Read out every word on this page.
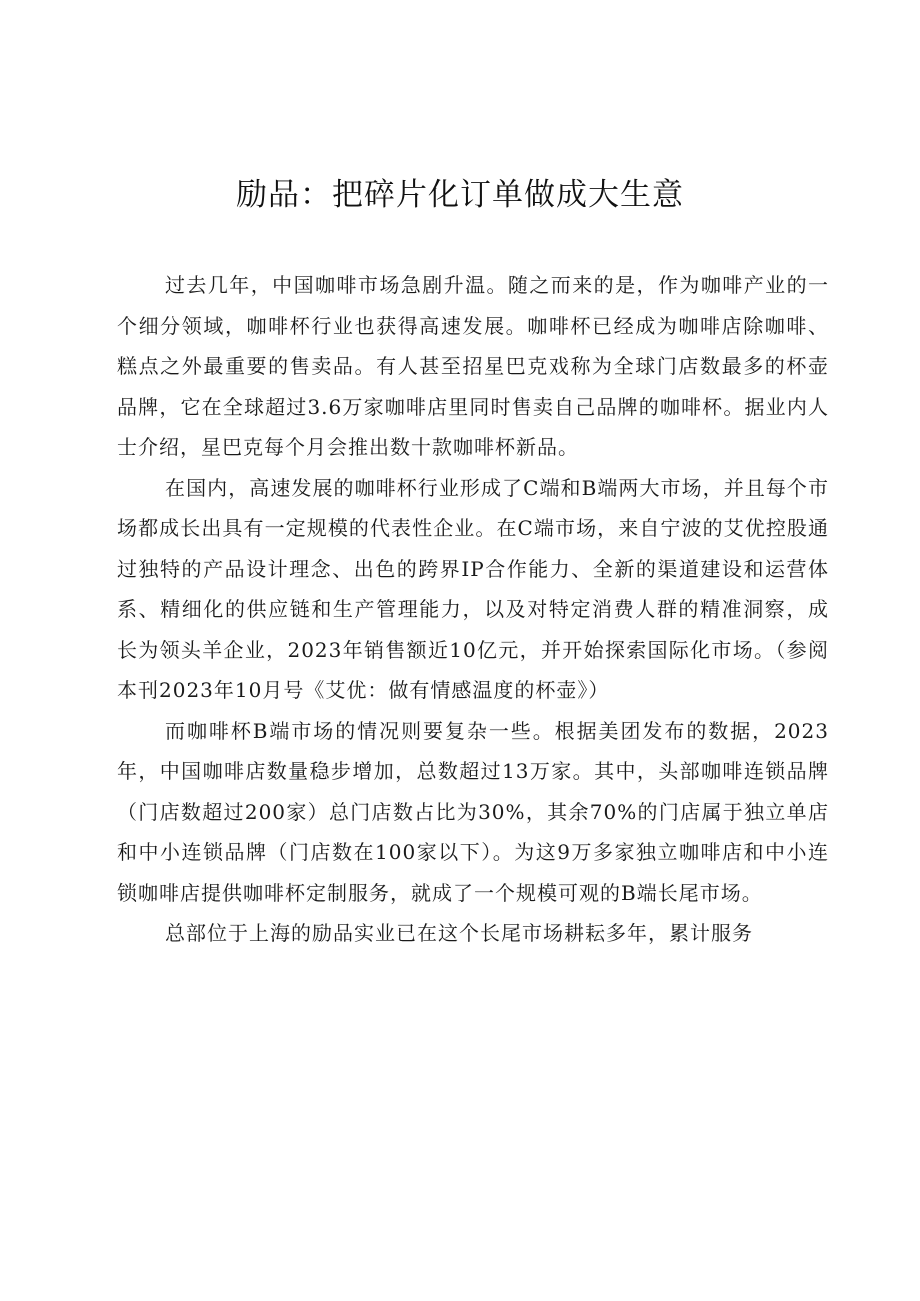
励品：把碎片化订单做成大生意

过去几年，中国咖啡市场急剧升温。随之而来的是，作为咖啡产业的一个细分领域，咖啡杯行业也获得高速发展。咖啡杯已经成为咖啡店除咖啡、糕点之外最重要的售卖品。有人甚至招星巴克戏称为全球门店数最多的杯壶品牌，它在全球超过3.6万家咖啡店里同时售卖自己品牌的咖啡杯。据业内人士介绍，星巴克每个月会推出数十款咖啡杯新品。

在国内，高速发展的咖啡杯行业形成了C端和B端两大市场，并且每个市场都成长出具有一定规模的代表性企业。在C端市场，来自宁波的艾优控股通过独特的产品设计理念、出色的跨界IP合作能力、全新的渠道建设和运营体系、精细化的供应链和生产管理能力，以及对特定消费人群的精准洞察，成长为领头羊企业，2023年销售额近10亿元，并开始探索国际化市场。（参阅本刊2023年10月号《艾优：做有情感温度的杯壶》）

而咖啡杯B端市场的情况则要复杂一些。根据美团发布的数据，2023年，中国咖啡店数量稳步增加，总数超过13万家。其中，头部咖啡连锁品牌（门店数超过200家）总门店数占比为30%，其余70%的门店属于独立单店和中小连锁品牌（门店数在100家以下）。为这9万多家独立咖啡店和中小连锁咖啡店提供咖啡杯定制服务，就成了一个规模可观的B端长尾市场。

总部位于上海的励品实业已在这个长尾市场耕耘多年，累计服务
